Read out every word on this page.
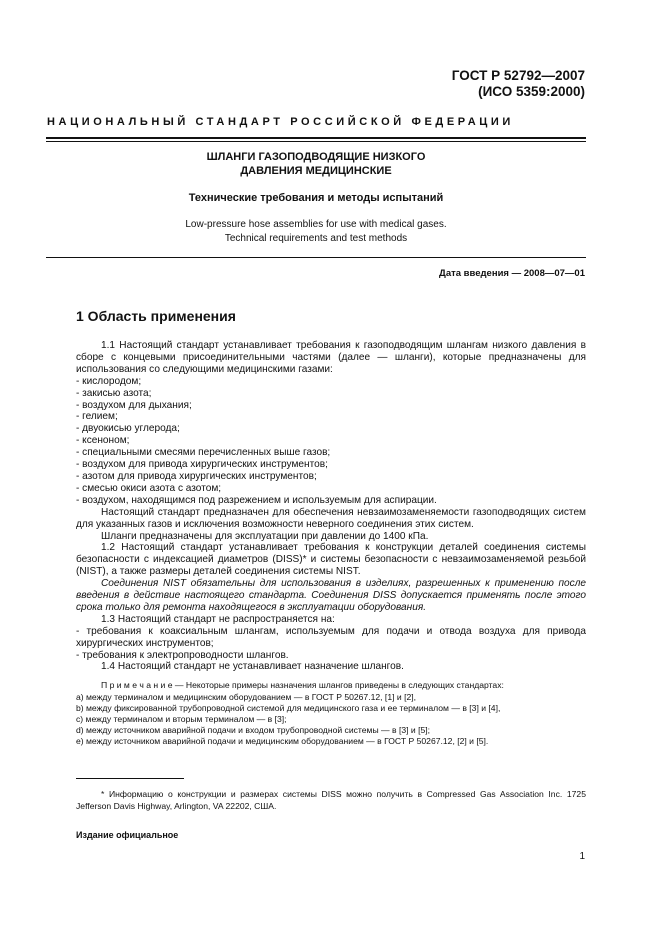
ГОСТ Р 52792—2007
(ИСО 5359:2000)
НАЦИОНАЛЬНЫЙ СТАНДАРТ РОССИЙСКОЙ ФЕДЕРАЦИИ
ШЛАНГИ ГАЗОПОДВОДЯЩИЕ НИЗКОГО
ДАВЛЕНИЯ МЕДИЦИНСКИЕ
Технические требования и методы испытаний
Low-pressure hose assemblies for use with medical gases.
Technical requirements and test methods
Дата введения — 2008—07—01
1 Область применения

1.1 Настоящий стандарт устанавливает требования к газоподводящим шлангам низкого давления в сборе с концевыми присоединительными частями (далее — шланги), которые предназначены для использования со следующими медицинскими газами:

- кислородом;

- закисью азота;

- воздухом для дыхания;

- гелием;

- двуокисью углерода;

- ксеноном;

- специальными смесями перечисленных выше газов;

- воздухом для привода хирургических инструментов;

- азотом для привода хирургических инструментов;

- смесью окиси азота с азотом;

- воздухом, находящимся под разрежением и используемым для аспирации.

Настоящий стандарт предназначен для обеспечения невзаимозаменяемости газоподводящих систем для указанных газов и исключения возможности неверного соединения этих систем.

Шланги предназначены для эксплуатации при давлении до 1400 кПа.

1.2 Настоящий стандарт устанавливает требования к конструкции деталей соединения системы безопасности с индексацией диаметров (DISS)* и системы безопасности с невзаимозаменяемой резьбой (NIST), а также размеры деталей соединения системы NIST.

Соединения NIST обязательны для использования в изделиях, разрешенных к применению после введения в действие настоящего стандарта. Соединения DISS допускается применять после этого срока только для ремонта находящегося в эксплуатации оборудования.

1.3 Настоящий стандарт не распространяется на:

- требования к коаксиальным шлангам, используемым для подачи и отвода воздуха для привода хирургических инструментов;

- требования к электропроводности шлангов.

1.4 Настоящий стандарт не устанавливает назначение шлангов.

П р и м е ч а н и е — Некоторые примеры назначения шлангов приведены в следующих стандартах:

a) между терминалом и медицинским оборудованием — в ГОСТ Р 50267.12, [1] и [2],

b) между фиксированной трубопроводной системой для медицинского газа и ее терминалом — в [3] и [4],

c) между терминалом и вторым терминалом — в [3];

d) между источником аварийной подачи и входом трубопроводной системы — в [3] и [5];

e) между источником аварийной подачи и медицинским оборудованием — в ГОСТ Р 50267.12, [2] и [5].

* Информацию о конструкции и размерах системы DISS можно получить в Compressed Gas Association Inc. 1725 Jefferson Davis Highway, Arlington, VA 22202, США.

Издание официальное
1
